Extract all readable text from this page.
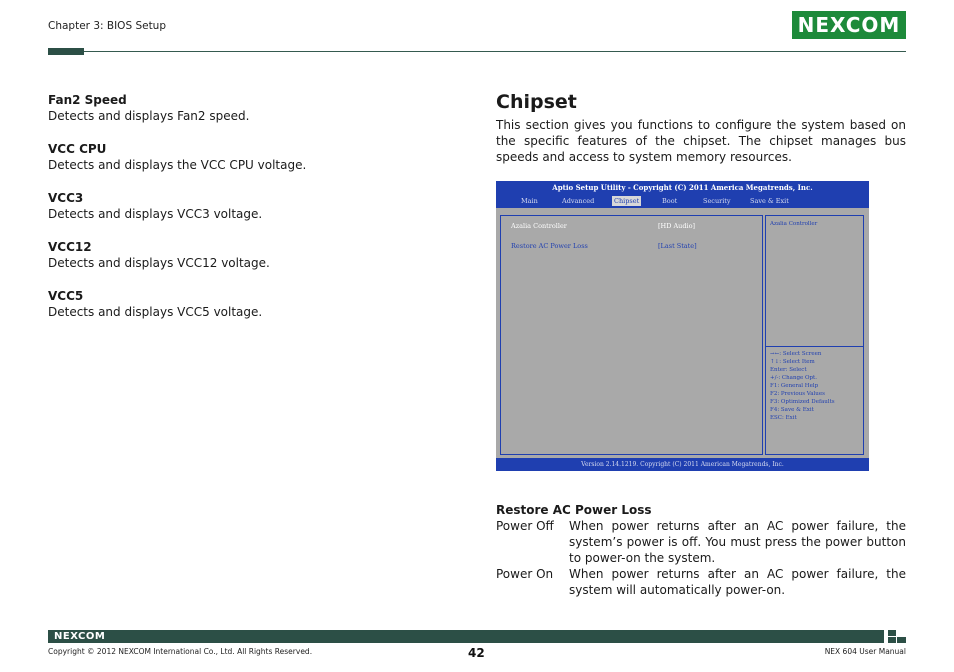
Chapter 3: BIOS Setup	NEXCOM
Fan2 Speed
Detects and displays Fan2 speed.
VCC CPU
Detects and displays the VCC CPU voltage.
VCC3
Detects and displays VCC3 voltage.
VCC12
Detects and displays VCC12 voltage.
VCC5
Detects and displays VCC5 voltage.
Chipset
This section gives you functions to configure the system based on the specific features of the chipset. The chipset manages bus speeds and access to system memory resources.
Aptio Setup Utility - Copyright (C) 2011 America Megatrends, Inc.
Main	Advanced	Chipset	Boot	Security	Save & Exit
Azalia Controller	[HD Audio]
Restore AC Power Loss	[Last State]
Azalia Controller
→←: Select Screen
↑↓: Select Item
Enter: Select
+/-: Change Opt.
F1: General Help
F2: Previous Values
F3: Optimized Defaults
F4: Save & Exit
ESC: Exit
Version 2.14.1219. Copyright (C) 2011 American Megatrends, Inc.
Restore AC Power Loss
Power Off	When power returns after an AC power failure, the system’s power is off. You must press the power button to power-on the system.
Power On	When power returns after an AC power failure, the system will automatically power-on.
NEXCOM
Copyright © 2012 NEXCOM International Co., Ltd. All Rights Reserved.	42	NEX 604 User Manual
